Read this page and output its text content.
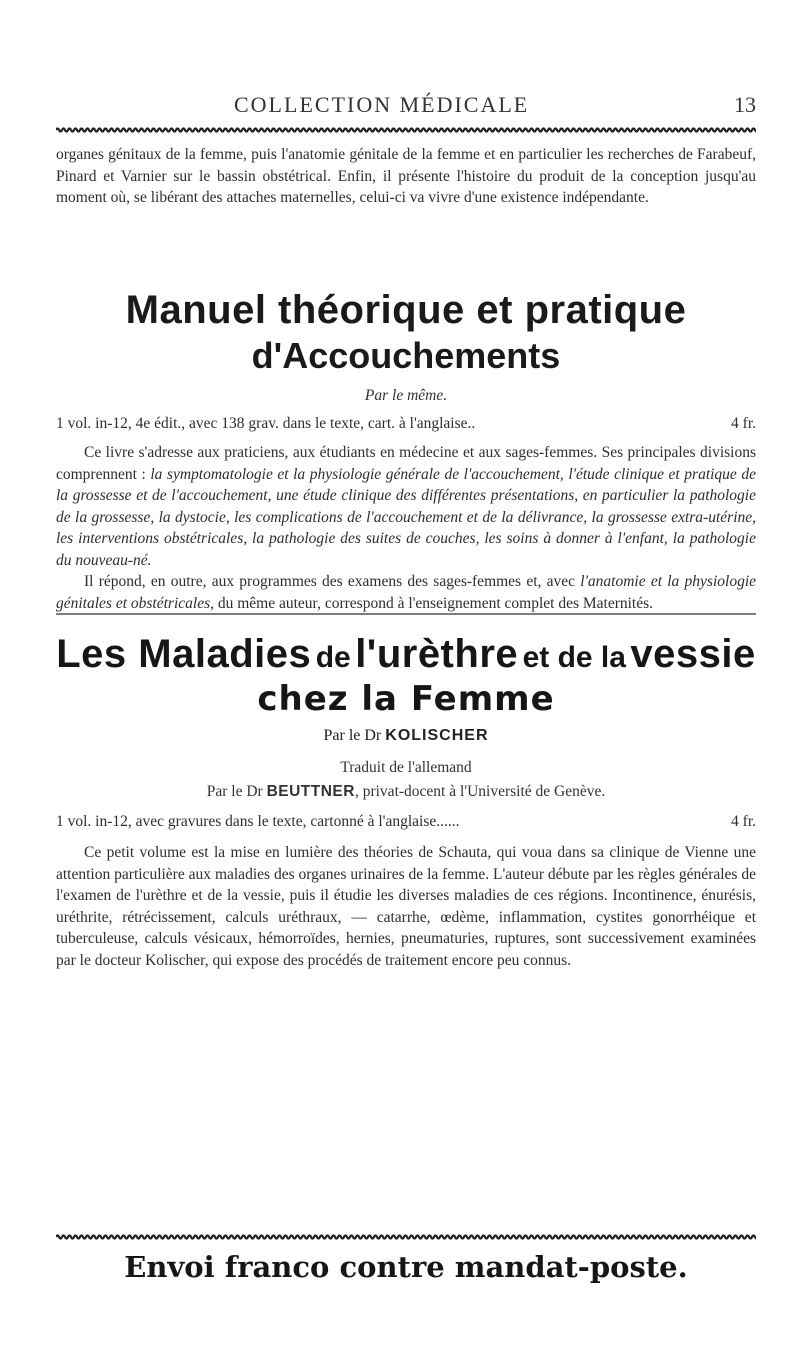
COLLECTION MÉDICALE	13

organes génitaux de la femme, puis l'anatomie génitale de la femme et en particulier les recherches de Farabeuf, Pinard et Varnier sur le bassin obstétrical. Enfin, il présente l'histoire du produit de la conception jusqu'au moment où, se libérant des attaches maternelles, celui-ci va vivre d'une existence indépendante.

Manuel théorique et pratique
d'Accouchements
Par le même.
1 vol. in-12, 4e édit., avec 138 grav. dans le texte, cart. à l'anglaise..	4 fr.

Ce livre s'adresse aux praticiens, aux étudiants en médecine et aux sages-femmes. Ses principales divisions comprennent : la symptomatologie et la physiologie générale de l'accouchement, l'étude clinique et pratique de la grossesse et de l'accouchement, une étude clinique des différentes présentations, en particulier la pathologie de la grossesse, la dystocie, les complications de l'accouchement et de la délivrance, la grossesse extra-utérine, les interventions obstétricales, la pathologie des suites de couches, les soins à donner à l'enfant, la pathologie du nouveau-né.

Il répond, en outre, aux programmes des examens des sages-femmes et, avec l'anatomie et la physiologie génitales et obstétricales, du même auteur, correspond à l'enseignement complet des Maternités.

Les Maladies de l'urèthre et de la vessie
chez la Femme
Par le Dr KOLISCHER
Traduit de l'allemand
Par le Dr BEUTTNER, privat-docent à l'Université de Genève.
1 vol. in-12, avec gravures dans le texte, cartonné à l'anglaise......	4 fr.

Ce petit volume est la mise en lumière des théories de Schauta, qui voua dans sa clinique de Vienne une attention particulière aux maladies des organes urinaires de la femme. L'auteur débute par les règles générales de l'examen de l'urèthre et de la vessie, puis il étudie les diverses maladies de ces régions. Incontinence, énurésis, uréthrite, rétrécissement, calculs uréthraux, — catarrhe, œdème, inflammation, cystites gonorrhéique et tuberculeuse, calculs vésicaux, hémorroïdes, hernies, pneumaturies, ruptures, sont successivement examinées par le docteur Kolischer, qui expose des procédés de traitement encore peu connus.

Envoi franco contre mandat-poste.
